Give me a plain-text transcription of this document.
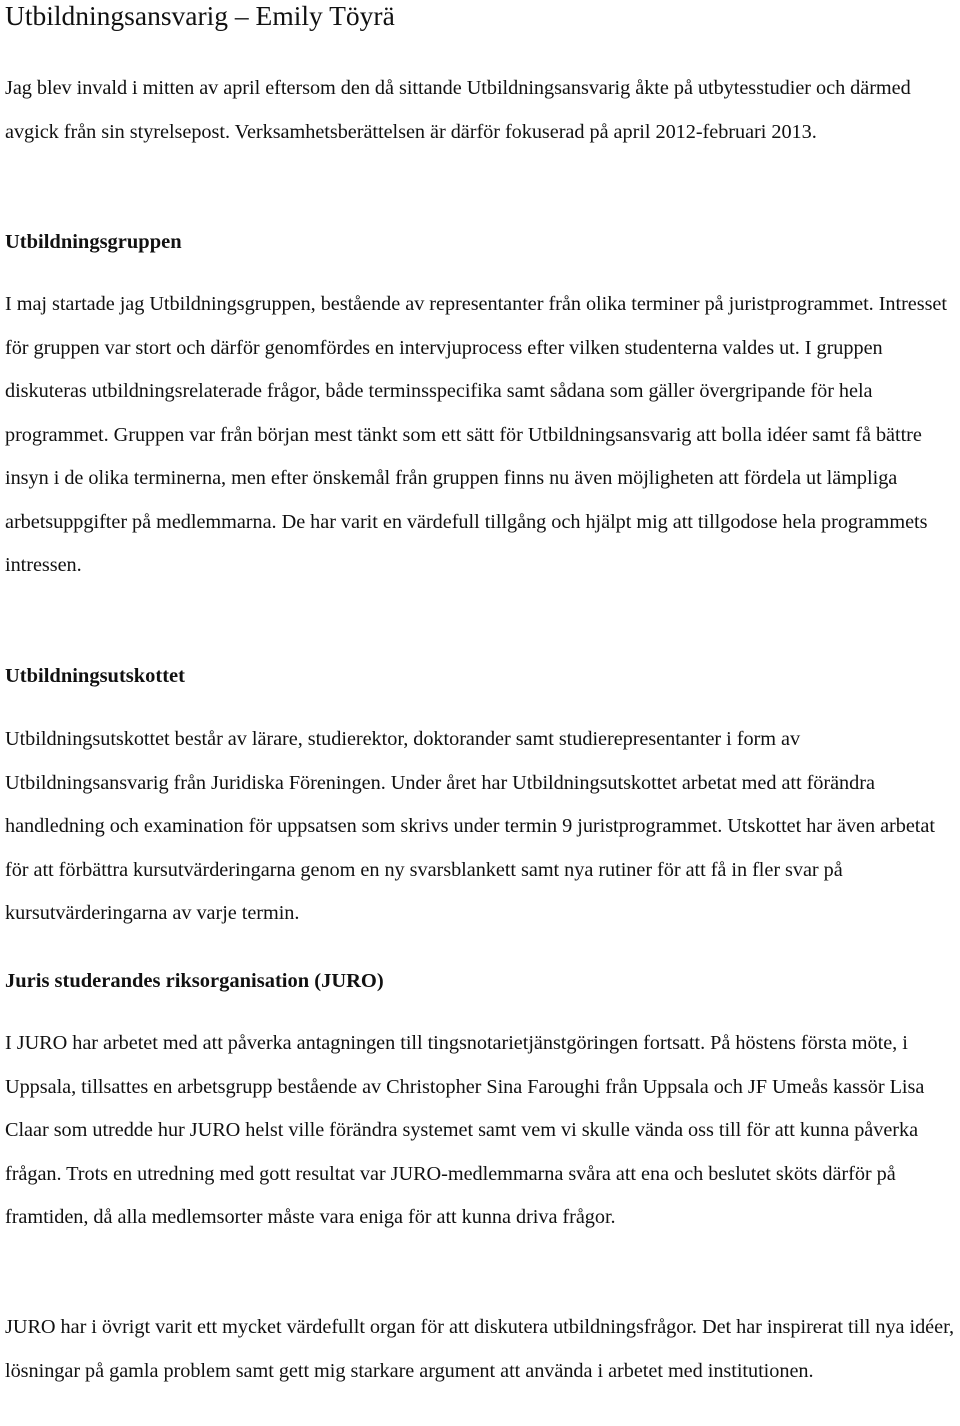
Utbildningsansvarig – Emily Töyrä

Jag blev invald i mitten av april eftersom den då sittande Utbildningsansvarig åkte på utbytesstudier och därmed avgick från sin styrelsepost. Verksamhetsberättelsen är därför fokuserad på april 2012-februari 2013.

Utbildningsgruppen

I maj startade jag Utbildningsgruppen, bestående av representanter från olika terminer på juristprogrammet. Intresset för gruppen var stort och därför genomfördes en intervjuprocess efter vilken studenterna valdes ut. I gruppen diskuteras utbildningsrelaterade frågor, både terminsspecifika samt sådana som gäller övergripande för hela programmet. Gruppen var från början mest tänkt som ett sätt för Utbildningsansvarig att bolla idéer samt få bättre insyn i de olika terminerna, men efter önskemål från gruppen finns nu även möjligheten att fördela ut lämpliga arbetsuppgifter på medlemmarna. De har varit en värdefull tillgång och hjälpt mig att tillgodose hela programmets intressen.

Utbildningsutskottet

Utbildningsutskottet består av lärare, studierektor, doktorander samt studierepresentanter i form av Utbildningsansvarig från Juridiska Föreningen. Under året har Utbildningsutskottet arbetat med att förändra handledning och examination för uppsatsen som skrivs under termin 9 juristprogrammet. Utskottet har även arbetat för att förbättra kursutvärderingarna genom en ny svarsblankett samt nya rutiner för att få in fler svar på kursutvärderingarna av varje termin.

Juris studerandes riksorganisation (JURO)

I JURO har arbetet med att påverka antagningen till tingsnotarietjänstgöringen fortsatt. På höstens första möte, i Uppsala, tillsattes en arbetsgrupp bestående av Christopher Sina Faroughi från Uppsala och JF Umeås kassör Lisa Claar som utredde hur JURO helst ville förändra systemet samt vem vi skulle vända oss till för att kunna påverka frågan. Trots en utredning med gott resultat var JURO-medlemmarna svåra att ena och beslutet sköts därför på framtiden, då alla medlemsorter måste vara eniga för att kunna driva frågor.

JURO har i övrigt varit ett mycket värdefullt organ för att diskutera utbildningsfrågor. Det har inspirerat till nya idéer, lösningar på gamla problem samt gett mig starkare argument att använda i arbetet med institutionen.
